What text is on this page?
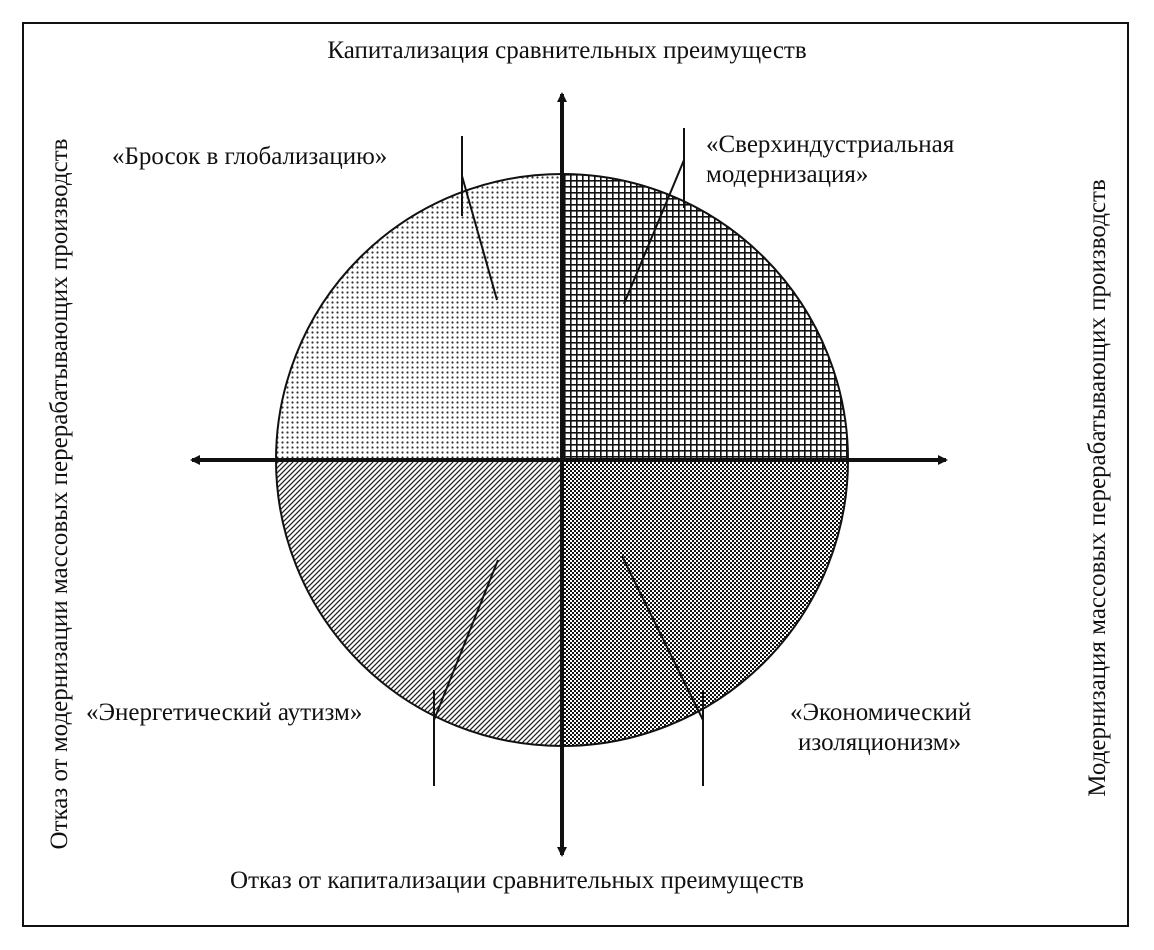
Капитализация сравнительных преимуществ
Отказ от капитализации сравнительных преимуществ
Отказ от модернизации массовых перерабатывающих производств	Модернизация массовых перерабатывающих производств
«Бросок в глобализацию»	«Сверхиндустриальная
модернизация»
«Энергетический аутизм»	«Экономический
изоляционизм»
